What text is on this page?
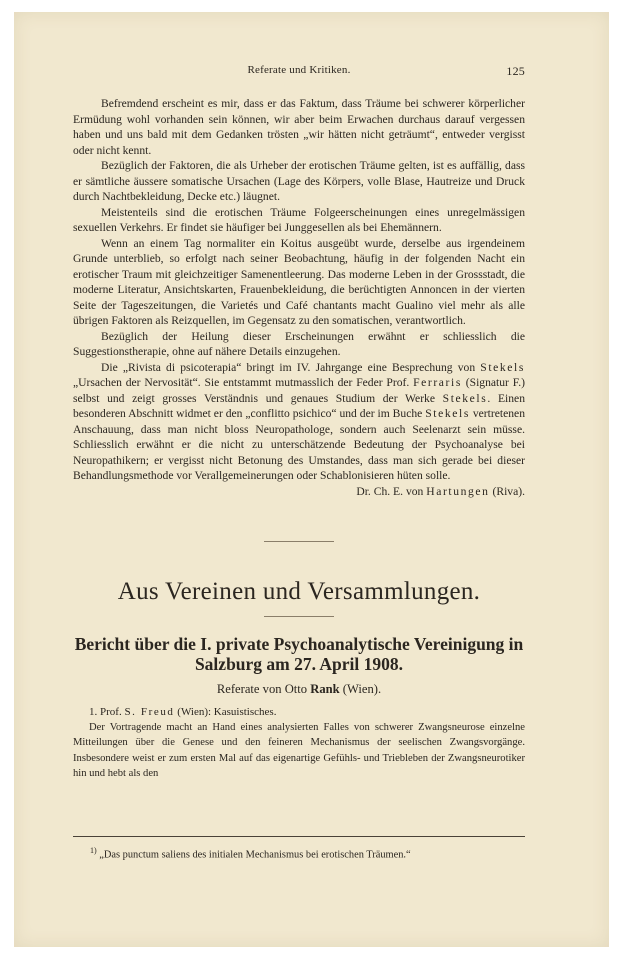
Referate und Kritiken.	125

Befremdend erscheint es mir, dass er das Faktum, dass Träume bei schwerer körperlicher Ermüdung wohl vorhanden sein können, wir aber beim Erwachen durchaus darauf vergessen haben und uns bald mit dem Gedanken trösten „wir hätten nicht geträumt“, entweder vergisst oder nicht kennt.

Bezüglich der Faktoren, die als Urheber der erotischen Träume gelten, ist es auffällig, dass er sämtliche äussere somatische Ursachen (Lage des Körpers, volle Blase, Hautreize und Druck durch Nachtbekleidung, Decke etc.) läugnet.

Meistenteils sind die erotischen Träume Folgeerscheinungen eines unregelmässigen sexuellen Verkehrs. Er findet sie häufiger bei Junggesellen als bei Ehemännern.

Wenn an einem Tag normaliter ein Koitus ausgeübt wurde, derselbe aus irgendeinem Grunde unterblieb, so erfolgt nach seiner Beobachtung, häufig in der folgenden Nacht ein erotischer Traum mit gleichzeitiger Samenentleerung. Das moderne Leben in der Grossstadt, die moderne Literatur, Ansichtskarten, Frauenbekleidung, die berüchtigten Annoncen in der vierten Seite der Tageszeitungen, die Varietés und Café chantants macht Gualino viel mehr als alle übrigen Faktoren als Reizquellen, im Gegensatz zu den somatischen, verantwortlich.

Bezüglich der Heilung dieser Erscheinungen erwähnt er schliesslich die Suggestionstherapie, ohne auf nähere Details einzugehen.

Die „Rivista di psicoterapia“ bringt im IV. Jahrgange eine Besprechung von Stekels „Ursachen der Nervosität“. Sie entstammt mutmasslich der Feder Prof. Ferraris (Signatur F.) selbst und zeigt grosses Verständnis und genaues Studium der Werke Stekels. Einen besonderen Abschnitt widmet er den „conflitto psichico“ und der im Buche Stekels vertretenen Anschauung, dass man nicht bloss Neuropathologe, sondern auch Seelenarzt sein müsse. Schliesslich erwähnt er die nicht zu unterschätzende Bedeutung der Psychoanalyse bei Neuropathikern; er vergisst nicht Betonung des Umstandes, dass man sich gerade bei dieser Behandlungsmethode vor Verallgemeinerungen oder Schablonisieren hüten solle.

Dr. Ch. E. von Hartungen (Riva).

Aus Vereinen und Versammlungen.
Bericht über die I. private Psychoanalytische Vereinigung in Salzburg am 27. April 1908.

Referate von Otto Rank (Wien).

1. Prof. S. Freud (Wien): Kasuistisches.

Der Vortragende macht an Hand eines analysierten Falles von schwerer Zwangsneurose einzelne Mitteilungen über die Genese und den feineren Mechanismus der seelischen Zwangsvorgänge. Insbesondere weist er zum ersten Mal auf das eigenartige Gefühls- und Triebleben der Zwangsneurotiker hin und hebt als den

$^{1)}$ „Das punctum saliens des initialen Mechanismus bei erotischen Träumen.“
